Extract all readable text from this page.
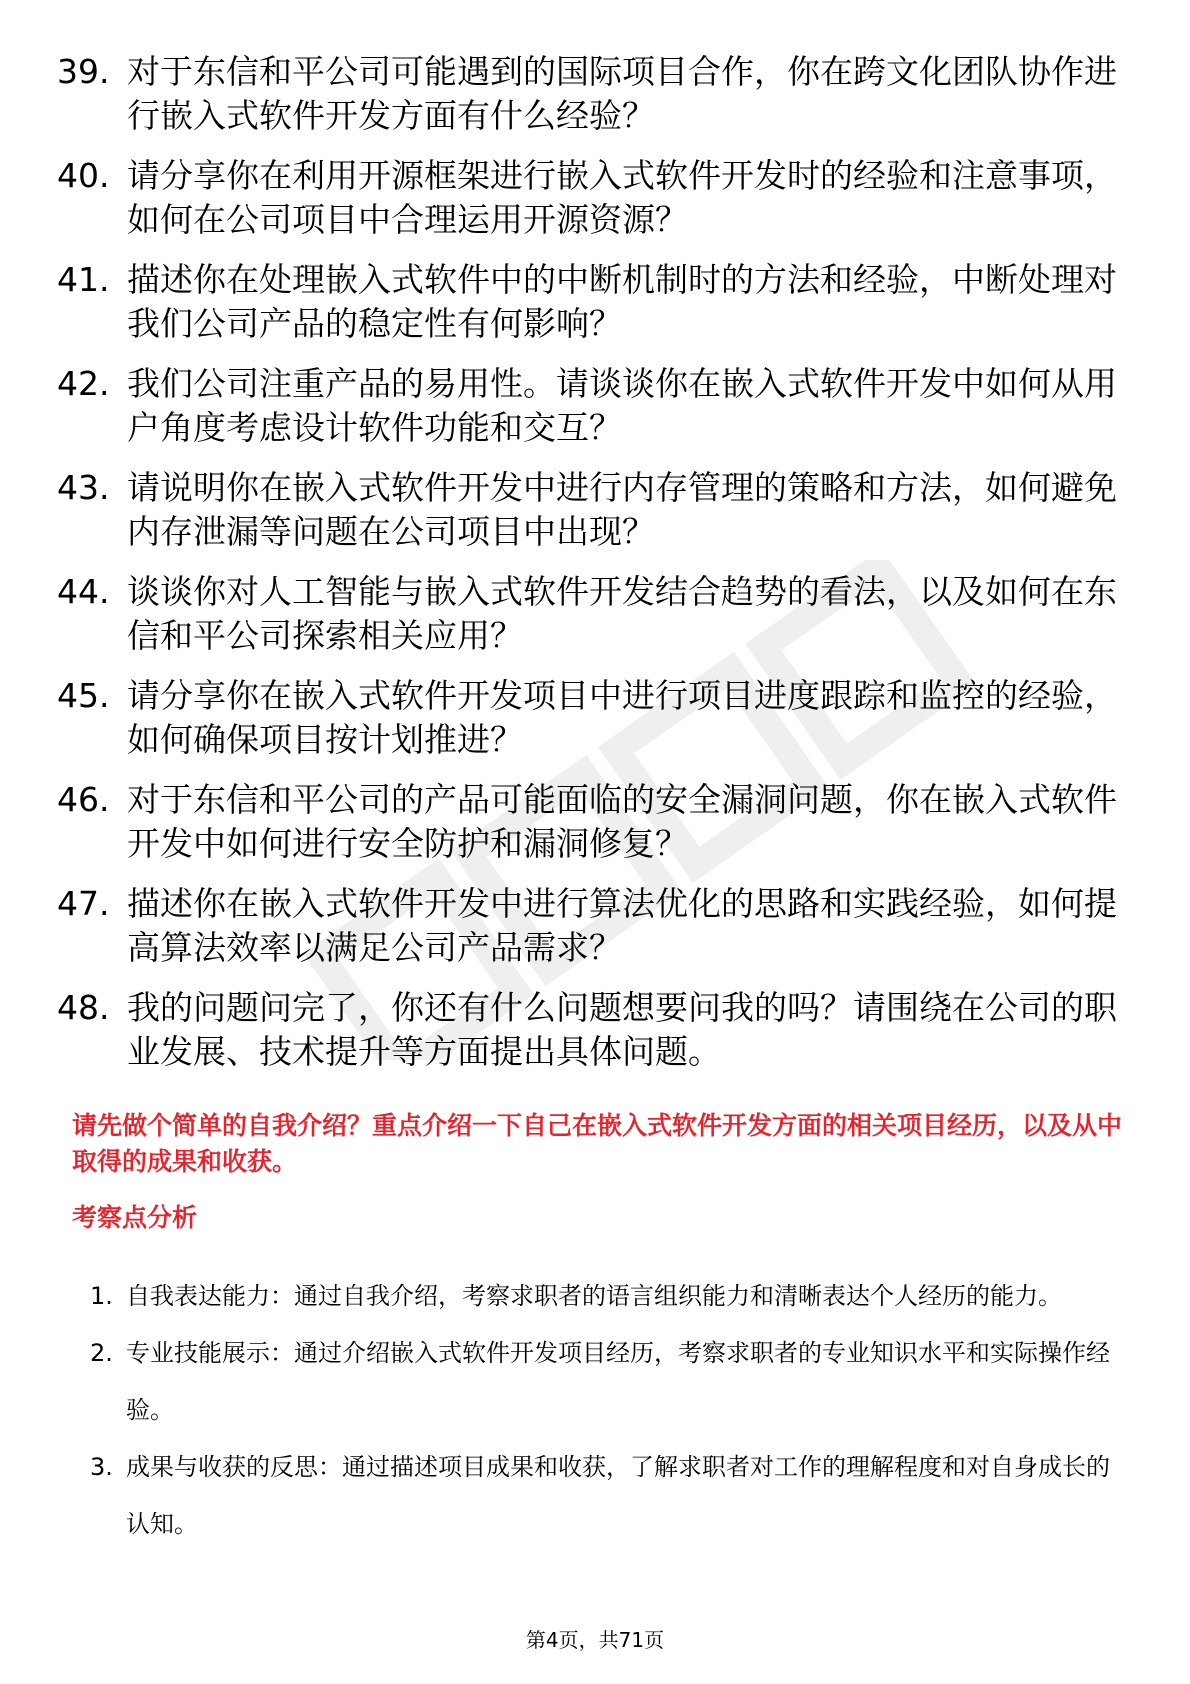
39. 对于东信和平公司可能遇到的国际项目合作，你在跨文化团队协作进行嵌入式软件开发方面有什么经验？
40. 请分享你在利用开源框架进行嵌入式软件开发时的经验和注意事项，如何在公司项目中合理运用开源资源？
41. 描述你在处理嵌入式软件中的中断机制时的方法和经验，中断处理对我们公司产品的稳定性有何影响？
42. 我们公司注重产品的易用性。请谈谈你在嵌入式软件开发中如何从用户角度考虑设计软件功能和交互？
43. 请说明你在嵌入式软件开发中进行内存管理的策略和方法，如何避免内存泄漏等问题在公司项目中出现？
44. 谈谈你对人工智能与嵌入式软件开发结合趋势的看法，以及如何在东信和平公司探索相关应用？
45. 请分享你在嵌入式软件开发项目中进行项目进度跟踪和监控的经验，如何确保项目按计划推进？
46. 对于东信和平公司的产品可能面临的安全漏洞问题，你在嵌入式软件开发中如何进行安全防护和漏洞修复？
47. 描述你在嵌入式软件开发中进行算法优化的思路和实践经验，如何提高算法效率以满足公司产品需求？
48. 我的问题问完了，你还有什么问题想要问我的吗？请围绕在公司的职业发展、技术提升等方面提出具体问题。
请先做个简单的自我介绍？重点介绍一下自己在嵌入式软件开发方面的相关项目经历，以及从中取得的成果和收获。
考察点分析
1. 自我表达能力：通过自我介绍，考察求职者的语言组织能力和清晰表达个人经历的能力。
2. 专业技能展示：通过介绍嵌入式软件开发项目经历，考察求职者的专业知识水平和实际操作经验。
3. 成果与收获的反思：通过描述项目成果和收获，了解求职者对工作的理解程度和对自身成长的认知。
第4页，共71页
